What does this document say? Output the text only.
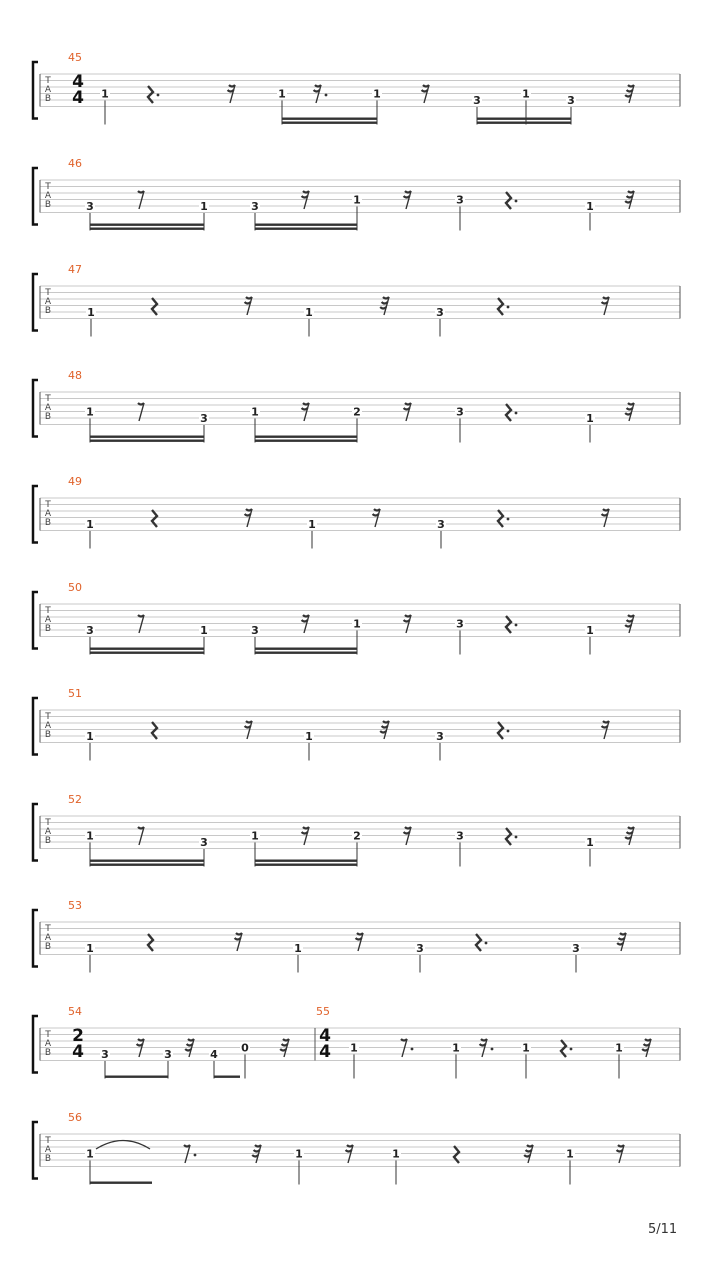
T
A
B
45
4
4 1	1	1	3	1	3
T
A
B
46
3	1	3	1	3	1
T
A
B
47
1	1	3
T
A
B
48
1	3	1	2	3	1
T
A
B
49
1	1	3
T
A
B
50
3	1	3	1	3	1
T
A
B
51
1	1	3
T
A
B
52
1	3	1	2	3	1
T
A
B
53
1	1	3	3
T
A
B
54
2
4 3	3	4 0
55
4
4 1	1	1	1
T
A
B
56
1	1	1	1
5/11
